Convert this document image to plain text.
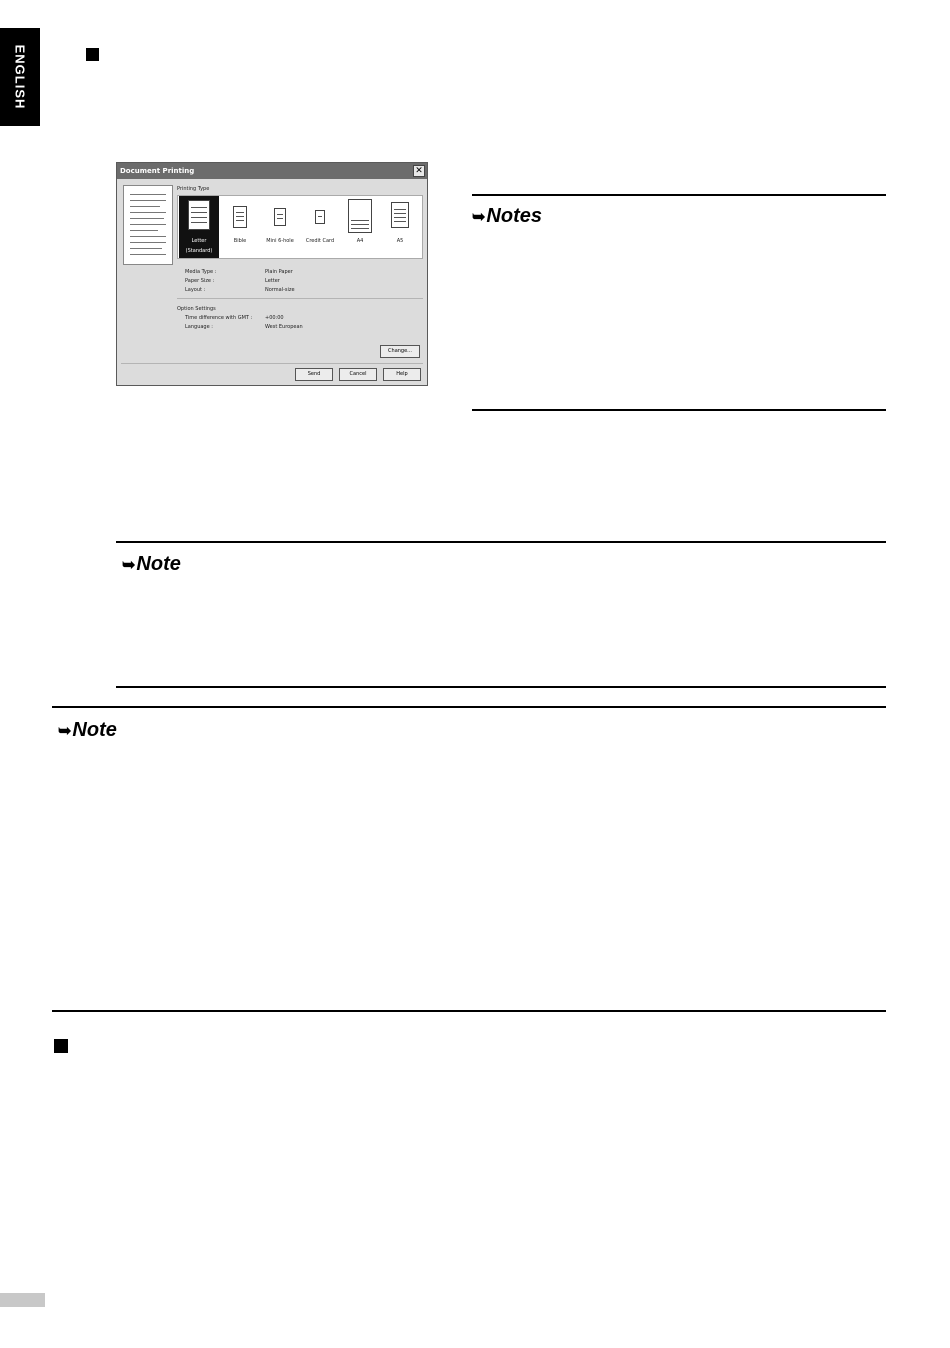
ENGLISH
Document Printing	✕
Printing Type
Letter
(Standard)
Bible	Mini 6-hole	Credit Card	A4	A5
Media Type :	Plain Paper
Paper Size :	Letter
Layout :	Normal-size
Option Settings
Time difference with GMT :	+00:00
Language :	West European
Change...
Send	Cancel	Help
➥Notes
➥Note
➥Note
